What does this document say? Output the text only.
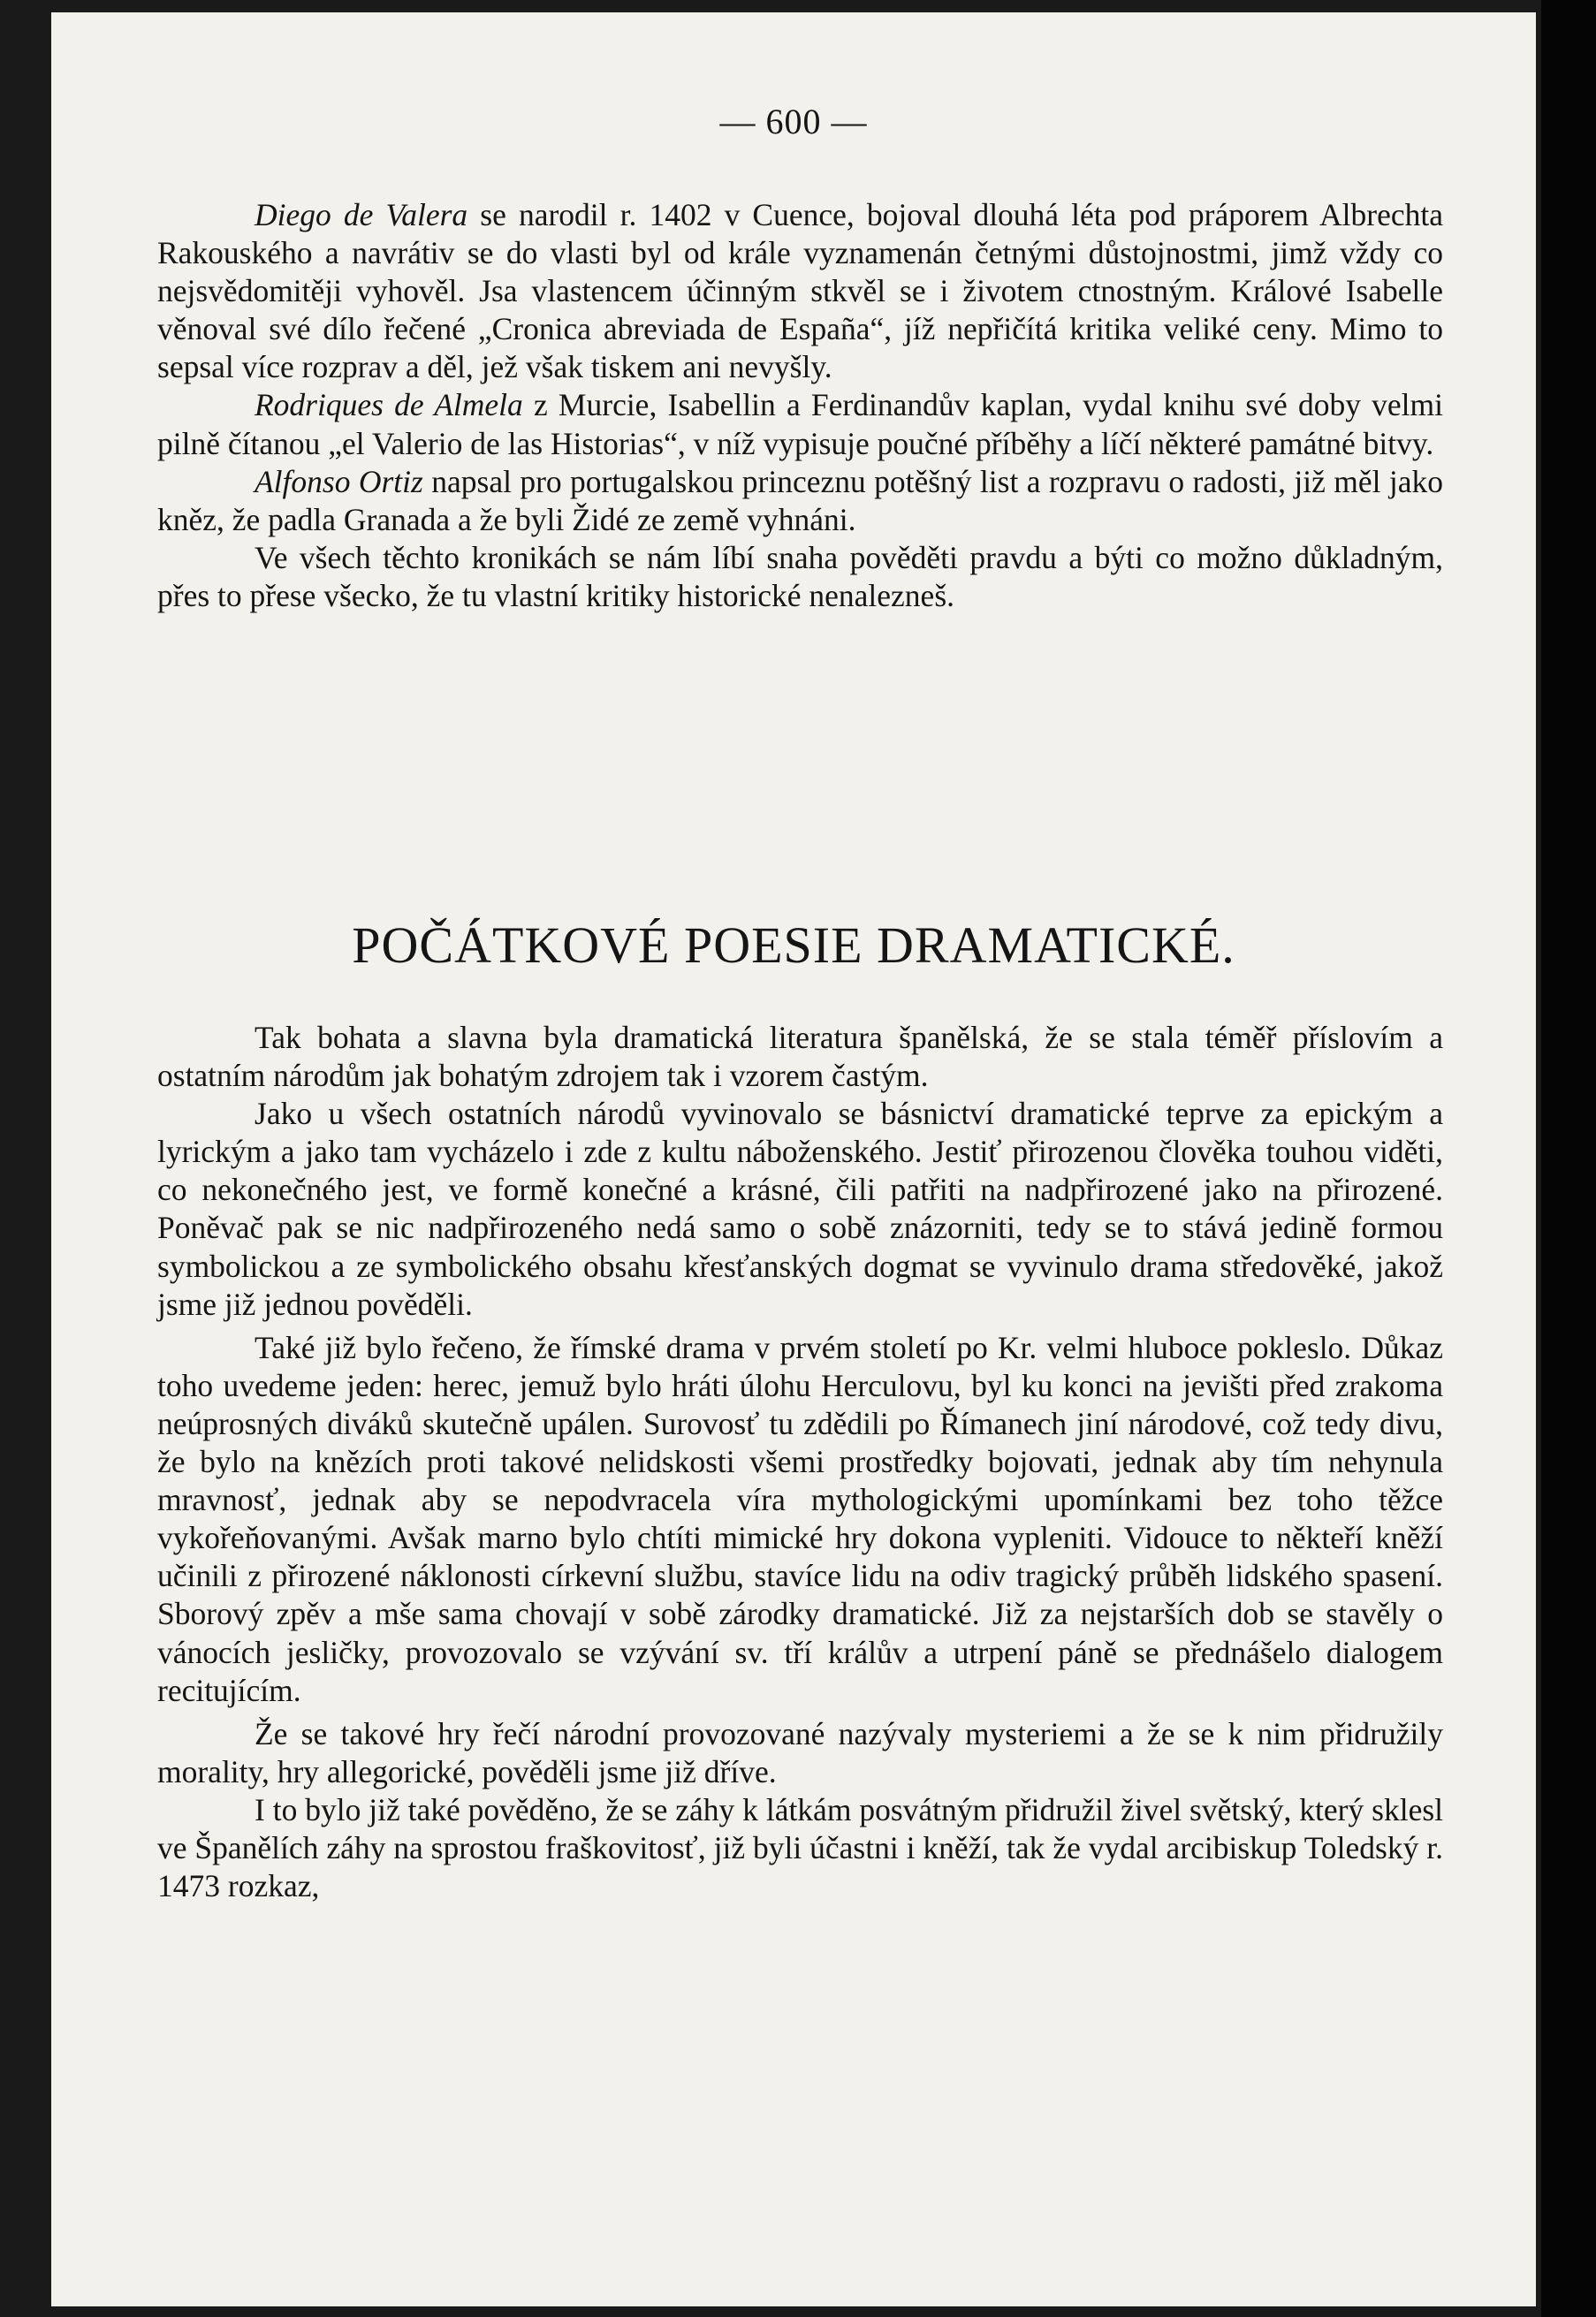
— 600 —

Diego de Valera se narodil r. 1402 v Cuence, bojoval dlouhá léta pod práporem Albrechta Rakouského a navrátiv se do vlasti byl od krále vyznamenán četnými důstojnostmi, jimž vždy co nejsvědomitěji vyhověl. Jsa vlastencem účinným stkvěl se i životem ctnostným. Králové Isabelle věnoval své dílo řečené „Cronica abreviada de España“, jíž nepřičítá kritika veliké ceny. Mimo to sepsal více rozprav a děl, jež však tiskem ani nevyšly.

Rodriques de Almela z Murcie, Isabellin a Ferdinandův kaplan, vydal knihu své doby velmi pilně čítanou „el Valerio de las Historias“, v níž vypisuje poučné příběhy a líčí některé památné bitvy.

Alfonso Ortiz napsal pro portugalskou princeznu potěšný list a rozpravu o radosti, již měl jako kněz, že padla Granada a že byli Židé ze země vyhnáni.

Ve všech těchto kronikách se nám líbí snaha pověděti pravdu a býti co možno důkladným, přes to přese všecko, že tu vlastní kritiky historické nenalezneš.

POČÁTKOVÉ POESIE DRAMATICKÉ.

Tak bohata a slavna byla dramatická literatura španělská, že se stala téměř příslovím a ostatním národům jak bohatým zdrojem tak i vzorem častým.

Jako u všech ostatních národů vyvinovalo se básnictví dramatické teprve za epickým a lyrickým a jako tam vycházelo i zde z kultu náboženského. Jestiť přirozenou člověka touhou viděti, co nekonečného jest, ve formě konečné a krásné, čili patřiti na nadpřirozené jako na přirozené. Poněvač pak se nic nadpřirozeného nedá samo o sobě znázorniti, tedy se to stává jedině formou symbolickou a ze symbolického obsahu křesťanských dogmat se vyvinulo drama středověké, jakož jsme již jednou pověděli.

Také již bylo řečeno, že římské drama v prvém století po Kr. velmi hluboce pokleslo. Důkaz toho uvedeme jeden: herec, jemuž bylo hráti úlohu Herculovu, byl ku konci na jevišti před zrakoma neúprosných diváků skutečně upálen. Surovosť tu zdědili po Římanech jiní národové, což tedy divu, že bylo na knězích proti takové nelidskosti všemi prostředky bojovati, jednak aby tím nehynula mravnosť, jednak aby se nepodvracela víra mythologickými upomínkami bez toho těžce vykořeňovanými. Avšak marno bylo chtíti mimické hry dokona vypleniti. Vidouce to někteří kněží učinili z přirozené náklonosti církevní službu, stavíce lidu na odiv tragický průběh lidského spasení. Sborový zpěv a mše sama chovají v sobě zárodky dramatické. Již za nejstarších dob se stavěly o vánocích jesličky, provozovalo se vzývání sv. tří králův a utrpení páně se přednášelo dialogem recitujícím.

Že se takové hry řečí národní provozované nazývaly mysteriemi a že se k nim přidružily morality, hry allegorické, pověděli jsme již dříve.

I to bylo již také pověděno, že se záhy k látkám posvátným přidružil živel světský, který sklesl ve Španělích záhy na sprostou fraškovitosť, již byli účastni i kněží, tak že vydal arcibiskup Toledský r. 1473 rozkaz,
